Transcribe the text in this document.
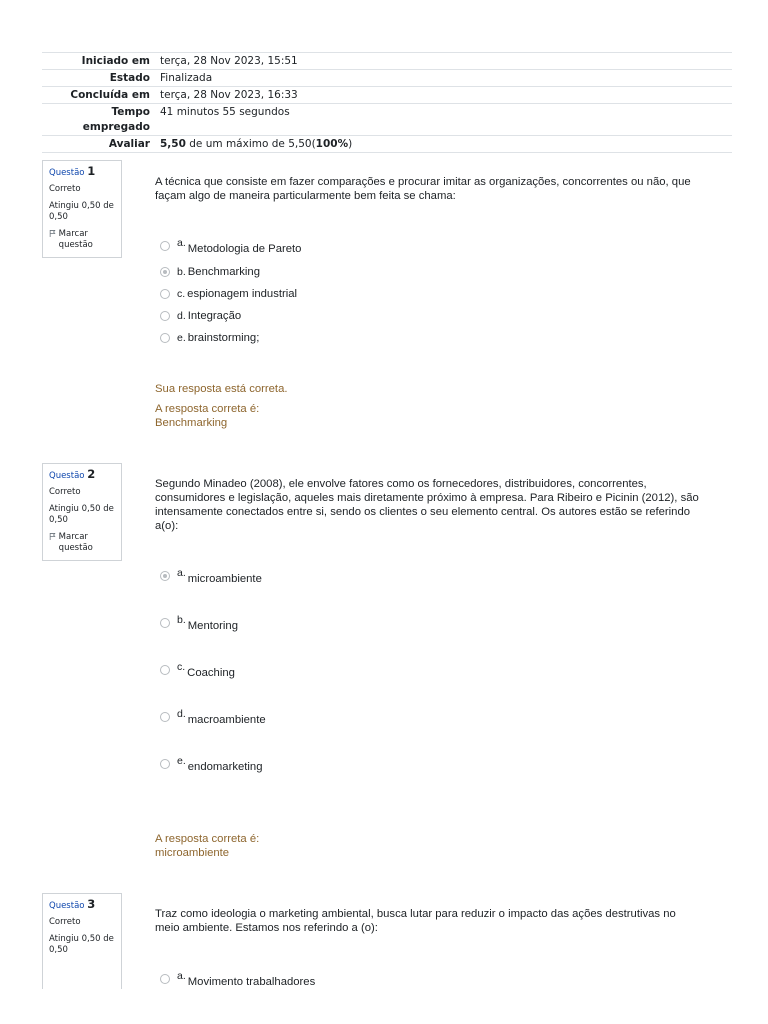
Iniciado em terça, 28 Nov 2023, 15:51
Estado Finalizada
Concluída em terça, 28 Nov 2023, 16:33
Tempo empregado
41 minutos 55 segundos
Avaliar 5,50 de um máximo de 5,50(100%)
Questão 1
Correto
Atingiu 0,50 de 0,50
Marcar questão
A técnica que consiste em fazer comparações e procurar imitar as organizações, concorrentes ou não, que façam algo de maneira particularmente bem feita se chama:
a. Metodologia de Pareto
b. Benchmarking
c. espionagem industrial
d. Integração
e. brainstorming;
Sua resposta está correta.
A resposta correta é:
Benchmarking
Questão 2
Correto
Atingiu 0,50 de 0,50
Marcar questão
Segundo Minadeo (2008), ele envolve fatores como os fornecedores, distribuidores, concorrentes, consumidores e legislação, aqueles mais diretamente próximo à empresa. Para Ribeiro e Picinin (2012), são intensamente conectados entre si, sendo os clientes o seu elemento central. Os autores estão se referindo a(o):
a. microambiente
b. Mentoring
c. Coaching
d. macroambiente
e. endomarketing
A resposta correta é:
microambiente
Questão 3
Correto
Atingiu 0,50 de 0,50
Traz como ideologia o marketing ambiental, busca lutar para reduzir o impacto das ações destrutivas no meio ambiente. Estamos nos referindo a (o):
a. Movimento trabalhadores
